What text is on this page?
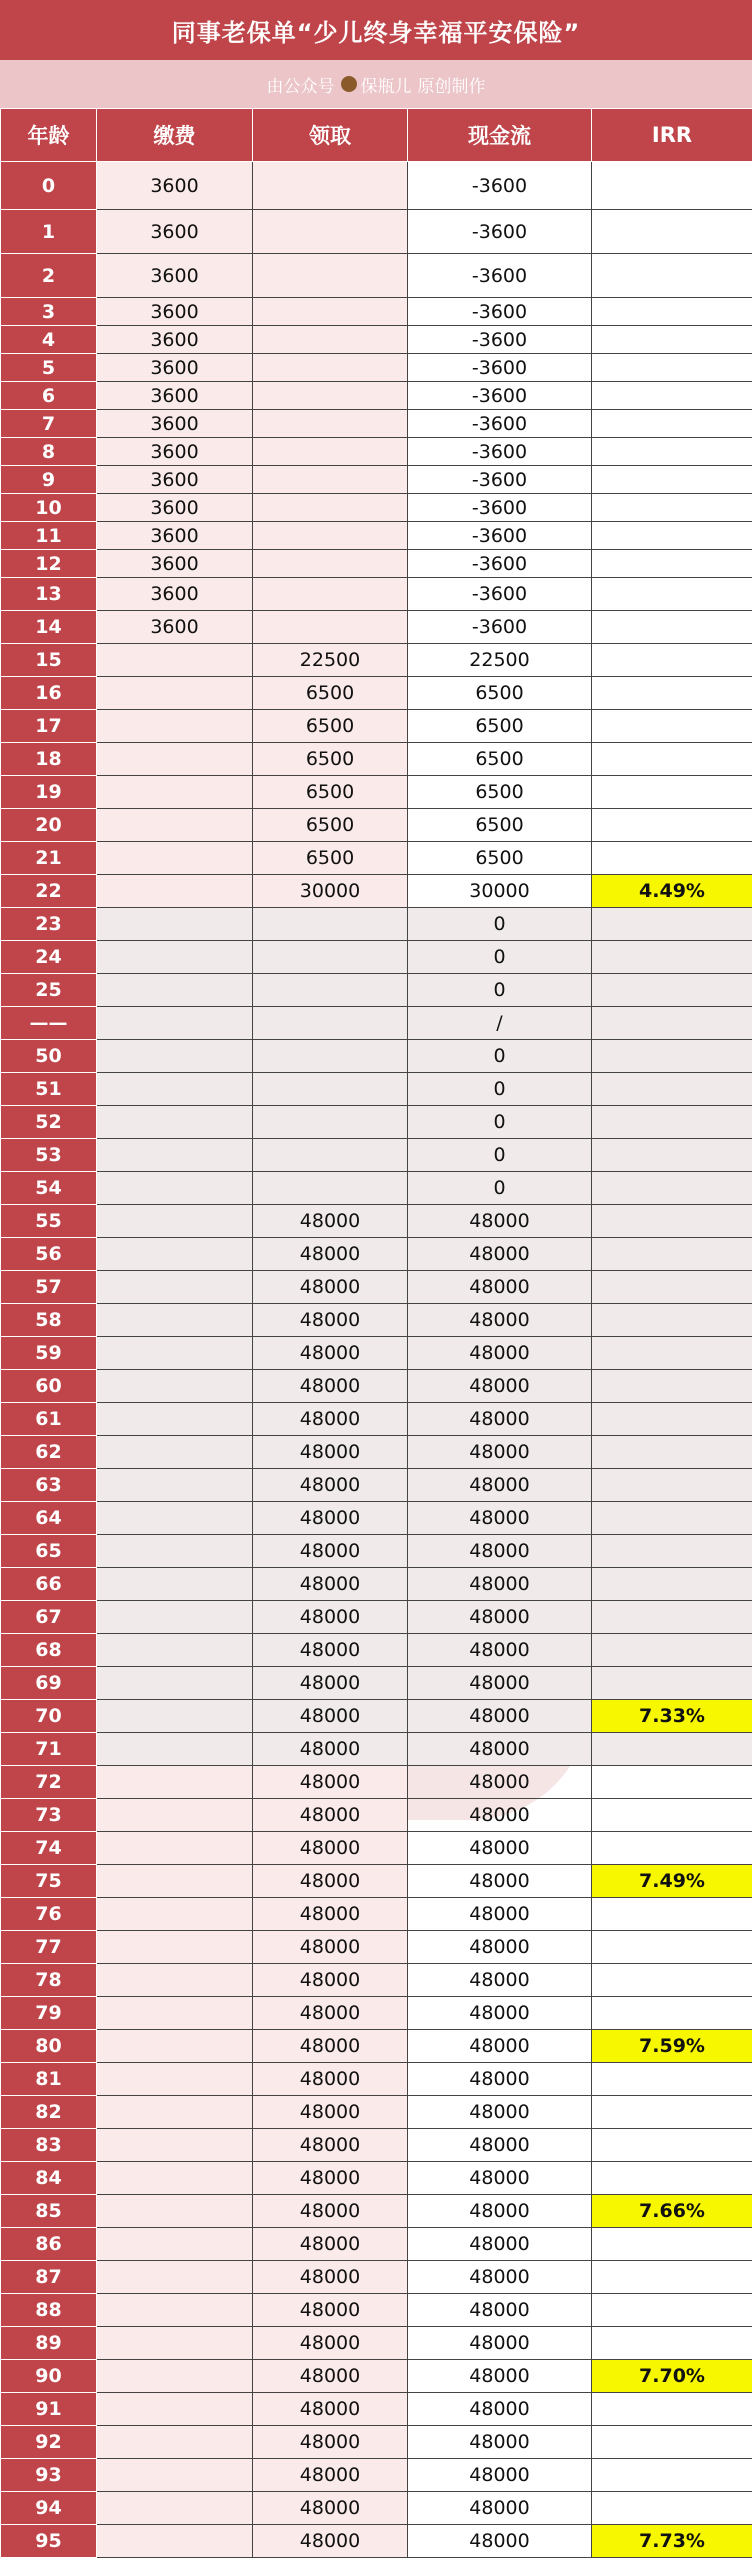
同事老保单“少儿终身幸福平安保险”
由公众号 保瓶儿 原创制作
年龄	缴费	领取	现金流	IRR
0	3600		-3600	
1	3600		-3600	
2	3600		-3600	
3	3600		-3600	
4	3600		-3600	
5	3600		-3600	
6	3600		-3600	
7	3600		-3600	
8	3600		-3600	
9	3600		-3600	
10	3600		-3600	
11	3600		-3600	
12	3600		-3600	
13	3600		-3600	
14	3600		-3600	
15		22500	22500	
16		6500	6500	
17		6500	6500	
18		6500	6500	
19		6500	6500	
20		6500	6500	
21		6500	6500	
22		30000	30000	4.49%
23			0	
24			0	
25			0	
——			/	
50			0	
51			0	
52			0	
53			0	
54			0	
55		48000	48000	
56		48000	48000	
57		48000	48000	
58		48000	48000	
59		48000	48000	
60		48000	48000	
61		48000	48000	
62		48000	48000	
63		48000	48000	
64		48000	48000	
65		48000	48000	
66		48000	48000	
67		48000	48000	
68		48000	48000	
69		48000	48000	
70		48000	48000	7.33%
71		48000	48000	
72		48000	48000	
73		48000	48000	
74		48000	48000	
75		48000	48000	7.49%
76		48000	48000	
77		48000	48000	
78		48000	48000	
79		48000	48000	
80		48000	48000	7.59%
81		48000	48000	
82		48000	48000	
83		48000	48000	
84		48000	48000	
85		48000	48000	7.66%
86		48000	48000	
87		48000	48000	
88		48000	48000	
89		48000	48000	
90		48000	48000	7.70%
91		48000	48000	
92		48000	48000	
93		48000	48000	
94		48000	48000	
95		48000	48000	7.73%
